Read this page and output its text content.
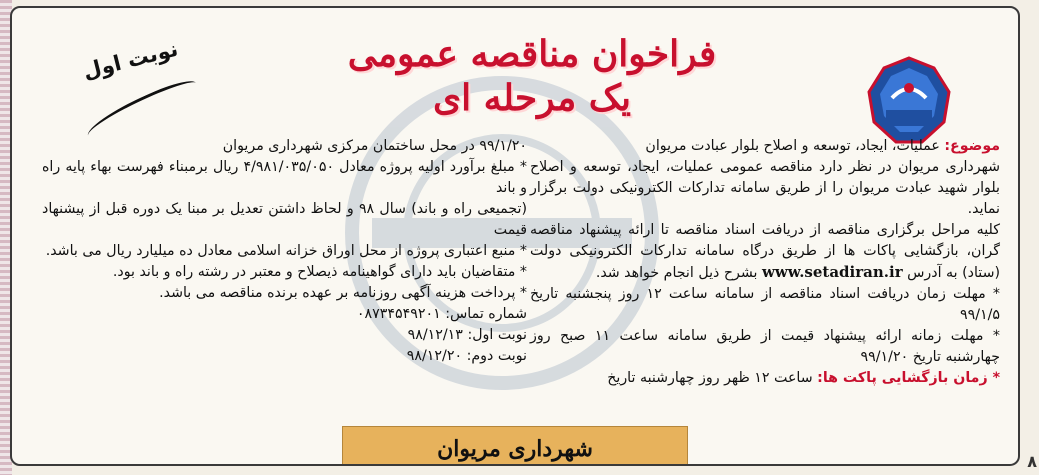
فراخوان مناقصه عمومی
یک مرحله ای
نوبت اول

موضوع: عملیات، ایجاد، توسعه و اصلاح بلوار عبادت مریوان

شهرداری مریوان در نظر دارد مناقصه عمومی عملیات، ایجاد، توسعه و اصلاح بلوار شهید عبادت مریوان را از طریق سامانه تدارکات الکترونیکی دولت برگزار نماید.

کلیه مراحل برگزاری مناقصه از دریافت اسناد مناقصه تا ارائه پیشنهاد مناقصه گران، بازگشایی پاکات ها از طریق درگاه سامانه تدارکات الکترونیکی دولت (ستاد) به آدرس www.setadiran.ir بشرح ذیل انجام خواهد شد.

* مهلت زمان دریافت اسناد مناقصه از سامانه ساعت ۱۲ روز پنجشنبه تاریخ ۹۹/۱/۵

* مهلت زمانه ارائه پیشنهاد قیمت از طریق سامانه ساعت ۱۱ صبح روز چهارشنبه تاریخ ۹۹/۱/۲۰

* زمان بازگشایی پاکت ها: ساعت ۱۲ ظهر روز چهارشنبه تاریخ

۹۹/۱/۲۰ در محل ساختمان مرکزی شهرداری مریوان

* مبلغ برآورد اولیه پروژه معادل ۴/۹۸۱/۰۳۵/۰۵۰ ریال برمبناء فهرست بهاء پایه راه و باند

(تجمیعی راه و باند) سال ۹۸ و لحاظ داشتن تعدیل بر مبنا یک دوره قبل از پیشنهاد قیمت

* منبع اعتباری پروژه از محل اوراق خزانه اسلامی معادل ده میلیارد ریال می باشد.

* متقاضیان باید دارای گواهینامه ذیصلاح و معتبر در رشته راه و باند بود.

* پرداخت هزینه آگهی روزنامه بر عهده برنده مناقصه می باشد.

شماره تماس: ۰۸۷۳۴۵۴۹۲۰۱

نوبت اول: ۹۸/۱۲/۱۳

نوبت دوم: ۹۸/۱۲/۲۰

شهرداری مریوان	۸
